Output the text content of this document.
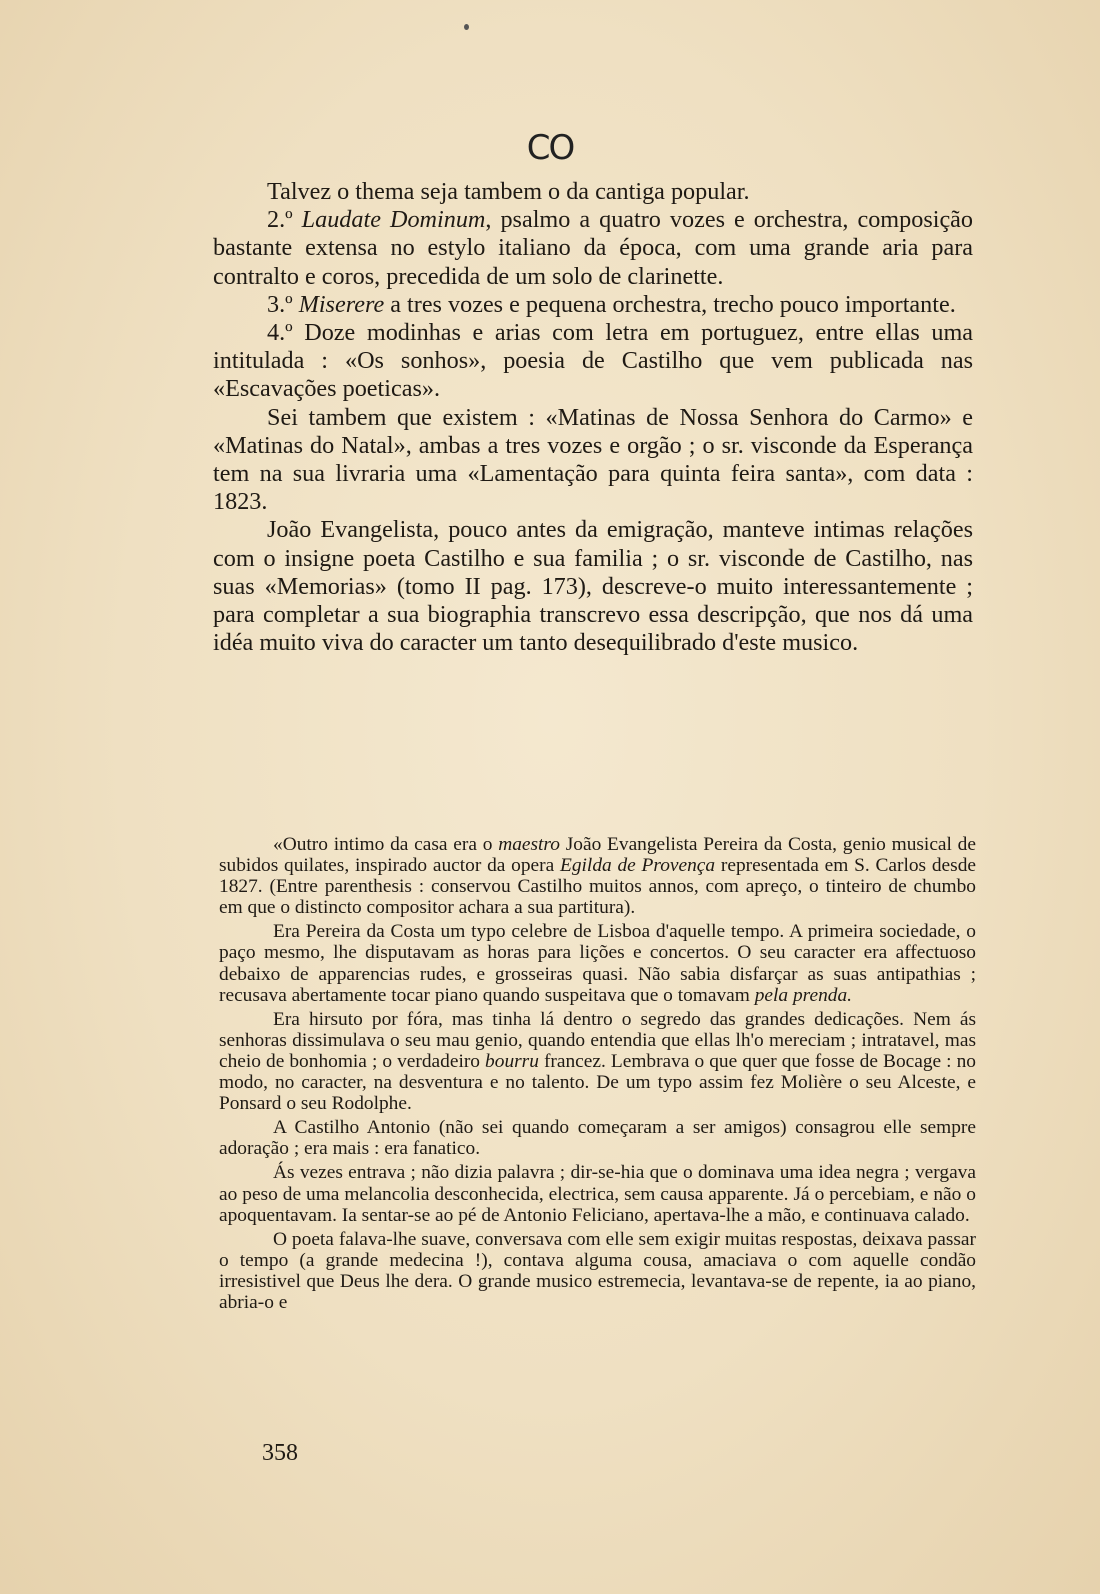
CO

Talvez o thema seja tambem o da cantiga popular.

2.º Laudate Dominum, psalmo a quatro vozes e orchestra, composição bastante extensa no estylo italiano da época, com uma grande aria para contralto e coros, precedida de um solo de clarinette.

3.º Miserere a tres vozes e pequena orchestra, trecho pouco importante.

4.º Doze modinhas e arias com letra em portuguez, entre ellas uma intitulada : «Os sonhos», poesia de Castilho que vem publicada nas «Escavações poeticas».

Sei tambem que existem : «Matinas de Nossa Senhora do Carmo» e «Matinas do Natal», ambas a tres vozes e orgão ; o sr. visconde da Esperança tem na sua livraria uma «Lamentação para quinta feira santa», com data : 1823.

João Evangelista, pouco antes da emigração, manteve intimas relações com o insigne poeta Castilho e sua familia ; o sr. visconde de Castilho, nas suas «Memorias» (tomo II pag. 173), descreve-o muito interessantemente ; para completar a sua biographia transcrevo essa descripção, que nos dá uma idéa muito viva do caracter um tanto desequilibrado d'este musico.

«Outro intimo da casa era o maestro João Evangelista Pereira da Costa, genio musical de subidos quilates, inspirado auctor da opera Egilda de Provença representada em S. Carlos desde 1827. (Entre parenthesis : conservou Castilho muitos annos, com apreço, o tinteiro de chumbo em que o distincto compositor achara a sua partitura).

Era Pereira da Costa um typo celebre de Lisboa d'aquelle tempo. A primeira sociedade, o paço mesmo, lhe disputavam as horas para lições e concertos. O seu caracter era affectuoso debaixo de apparencias rudes, e grosseiras quasi. Não sabia disfarçar as suas antipathias ; recusava abertamente tocar piano quando suspeitava que o tomavam pela prenda.

Era hirsuto por fóra, mas tinha lá dentro o segredo das grandes dedicações. Nem ás senhoras dissimulava o seu mau genio, quando entendia que ellas lh'o mereciam ; intratavel, mas cheio de bonhomia ; o verdadeiro bourru francez. Lembrava o que quer que fosse de Bocage : no modo, no caracter, na desventura e no talento. De um typo assim fez Molière o seu Alceste, e Ponsard o seu Rodolphe.

A Castilho Antonio (não sei quando começaram a ser amigos) consagrou elle sempre adoração ; era mais : era fanatico.

Ás vezes entrava ; não dizia palavra ; dir-se-hia que o dominava uma idea negra ; vergava ao peso de uma melancolia desconhecida, electrica, sem causa apparente. Já o percebiam, e não o apoquentavam. Ia sentar-se ao pé de Antonio Feliciano, apertava-lhe a mão, e continuava calado.

O poeta falava-lhe suave, conversava com elle sem exigir muitas respostas, deixava passar o tempo (a grande medecina !), contava alguma cousa, amaciava o com aquelle condão irresistivel que Deus lhe dera. O grande musico estremecia, levantava-se de repente, ia ao piano, abria-o e

358
